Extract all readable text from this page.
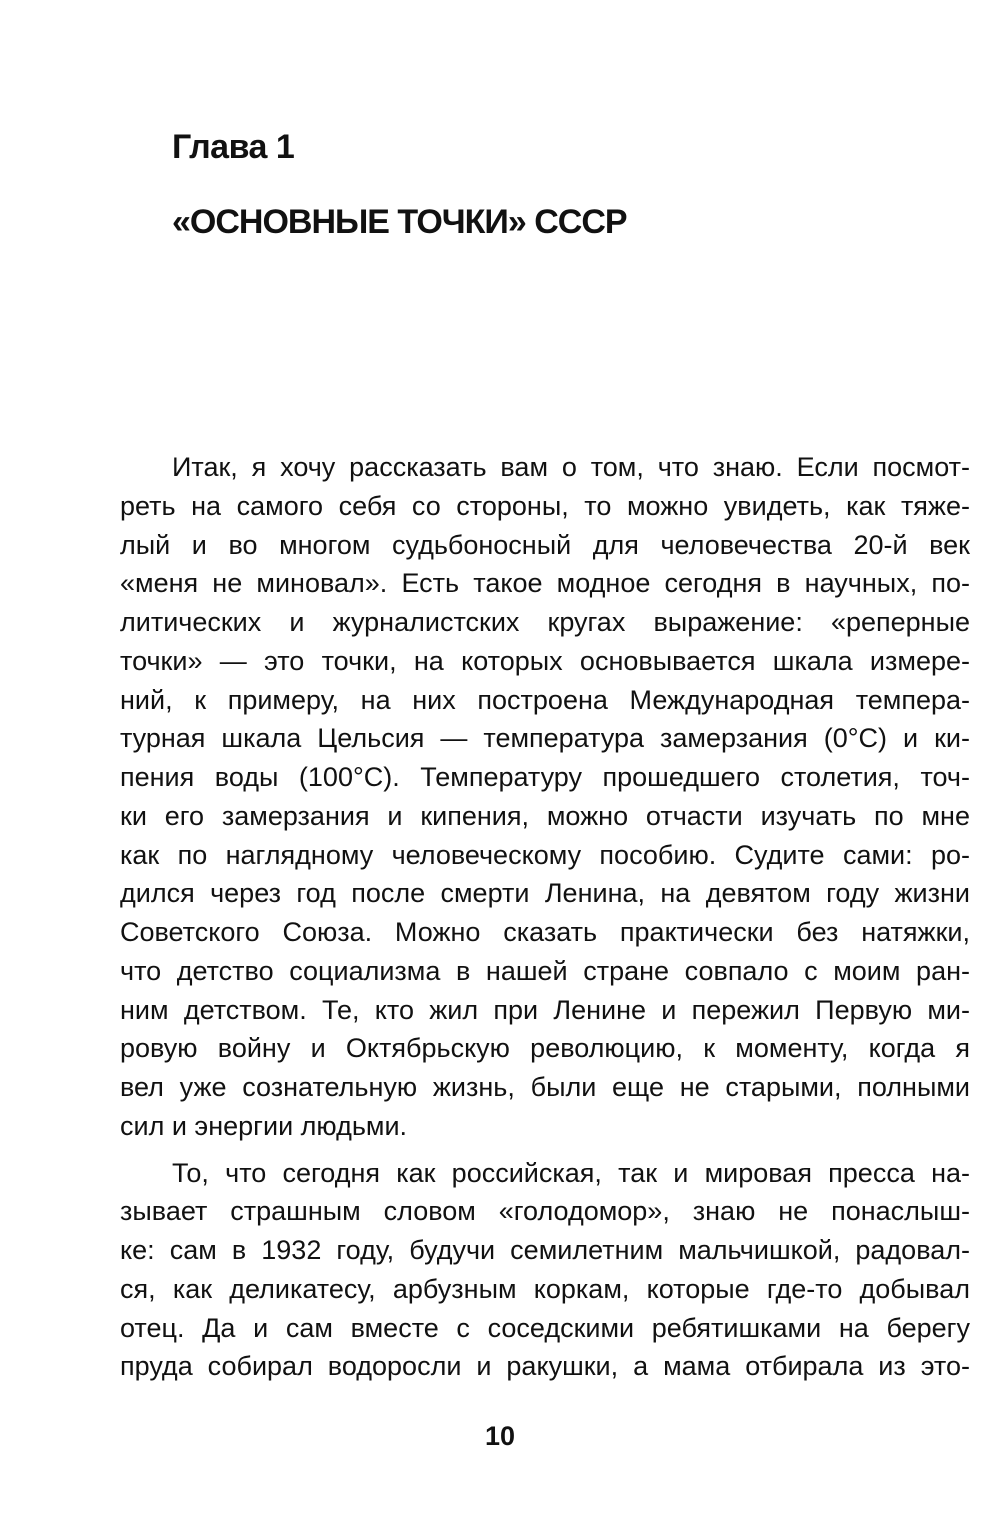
Глава 1
«ОСНОВНЫЕ ТОЧКИ» СССР
Итак, я хочу рассказать вам о том, что знаю. Если посмот-
реть на самого себя со стороны, то можно увидеть, как тяже-
лый и во многом судьбоносный для человечества 20-й век
«меня не миновал». Есть такое модное сегодня в научных, по-
литических и журналистских кругах выражение: «реперные
точки» — это точки, на которых основывается шкала измере-
ний, к примеру, на них построена Международная темпера-
турная шкала Цельсия — температура замерзания (0°С) и ки-
пения воды (100°С). Температуру прошедшего столетия, точ-
ки его замерзания и кипения, можно отчасти изучать по мне
как по наглядному человеческому пособию. Судите сами: ро-
дился через год после смерти Ленина, на девятом году жизни
Советского Союза. Можно сказать практически без натяжки,
что детство социализма в нашей стране совпало с моим ран-
ним детством. Те, кто жил при Ленине и пережил Первую ми-
ровую войну и Октябрьскую революцию, к моменту, когда я
вел уже сознательную жизнь, были еще не старыми, полными
сил и энергии людьми.
То, что сегодня как российская, так и мировая пресса на-
зывает страшным словом «голодомор», знаю не понаслыш-
ке: сам в 1932 году, будучи семилетним мальчишкой, радовал-
ся, как деликатесу, арбузным коркам, которые где-то добывал
отец. Да и сам вместе с соседскими ребятишками на берегу
пруда собирал водоросли и ракушки, а мама отбирала из это-
10
